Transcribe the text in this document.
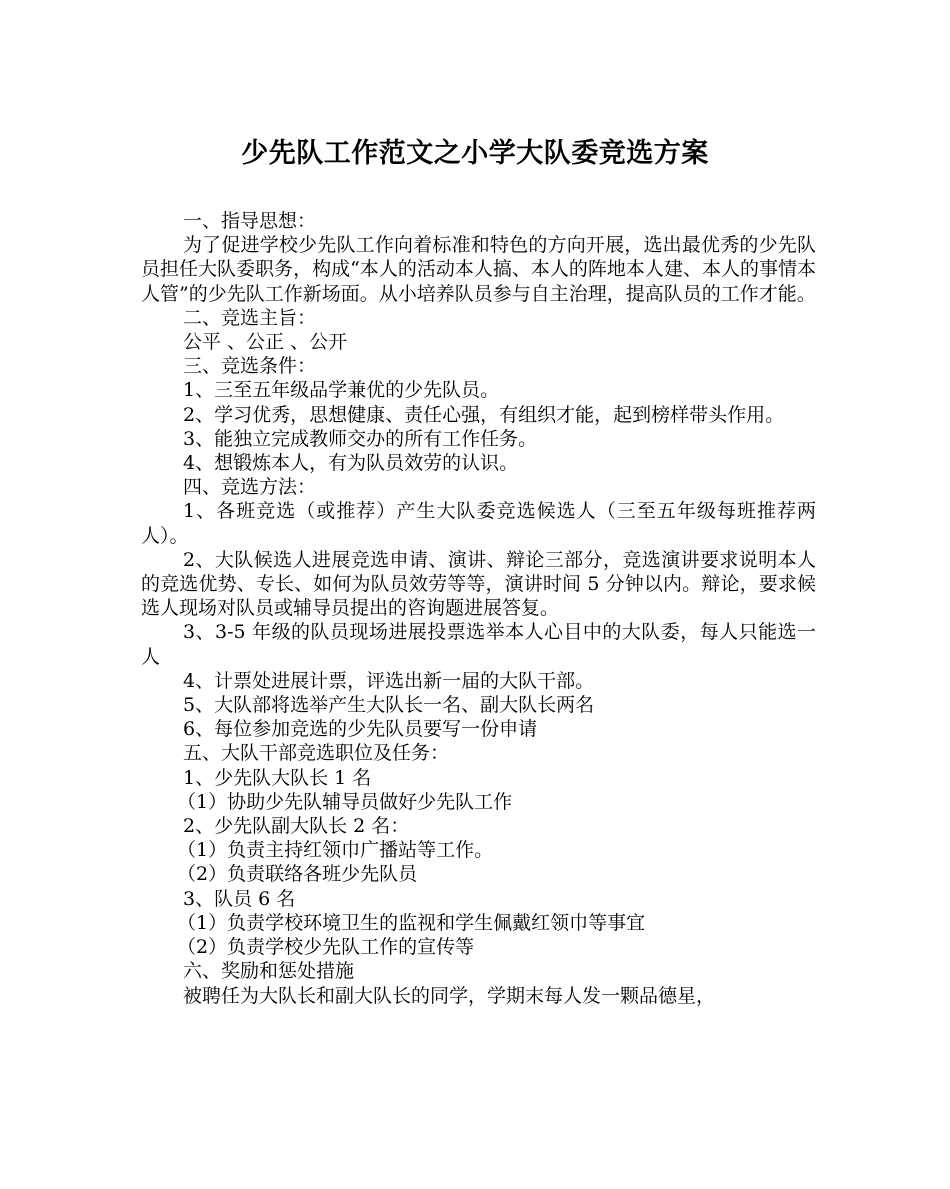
少先队工作范文之小学大队委竞选方案

一、指导思想：

为了促进学校少先队工作向着标准和特色的方向开展，选出最优秀的少先队员担任大队委职务，构成“本人的活动本人搞、本人的阵地本人建、本人的事情本人管”的少先队工作新场面。从小培养队员参与自主治理，提高队员的工作才能。

二、竞选主旨：

公平 、公正 、公开

三、竞选条件：

1、三至五年级品学兼优的少先队员。

2、学习优秀，思想健康、责任心强，有组织才能，起到榜样带头作用。

3、能独立完成教师交办的所有工作任务。

4、想锻炼本人，有为队员效劳的认识。

四、竞选方法：

1、各班竞选（或推荐）产生大队委竞选候选人（三至五年级每班推荐两人）。

2、大队候选人进展竞选申请、演讲、辩论三部分，竞选演讲要求说明本人的竞选优势、专长、如何为队员效劳等等，演讲时间 5 分钟以内。辩论，要求候选人现场对队员或辅导员提出的咨询题进展答复。

3、3-5 年级的队员现场进展投票选举本人心目中的大队委，每人只能选一人

4、计票处进展计票，评选出新一届的大队干部。

5、大队部将选举产生大队长一名、副大队长两名

6、每位参加竞选的少先队员要写一份申请

五、大队干部竞选职位及任务：

1、少先队大队长 1 名

（1）协助少先队辅导员做好少先队工作

2、少先队副大队长 2 名：

（1）负责主持红领巾广播站等工作。

（2）负责联络各班少先队员

3、队员 6 名

（1）负责学校环境卫生的监视和学生佩戴红领巾等事宜

（2）负责学校少先队工作的宣传等

六、奖励和惩处措施

被聘任为大队长和副大队长的同学，学期末每人发一颗品德星，
